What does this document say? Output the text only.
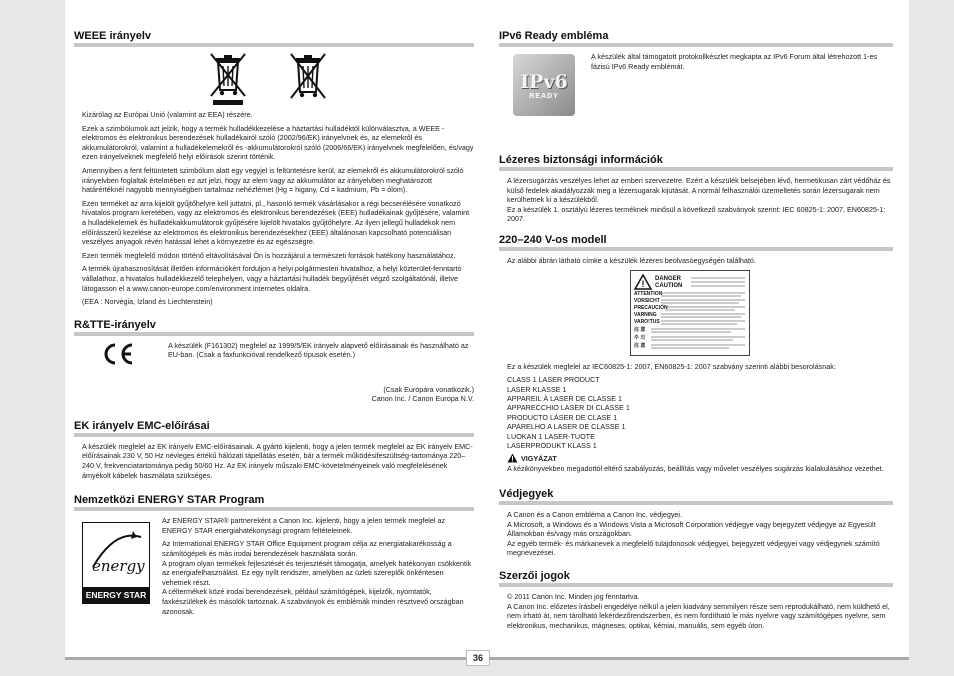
36
WEEE irányelv
Kizárólag az Európai Unió (valamint az EEA) részére.
Ezek a szimbólumok azt jelzik, hogy a termék hulladékkezelése a háztartási hulladéktól különválasztva, a WEEE - elektromos és elektronikus berendezések hulladékairól szóló (2002/96/EK) irányelvnek és, az elemekről és akkumulátorokról, valamint a hulladékelemekről és -akkumulátorokról szóló (2006/66/EK) irányelvnek megfelelően, és/vagy ezen irányelveknek megfelelő helyi előírások szerint történik.
Amennyiben a fent feltüntetett szimbólum alatt egy vegyjel is feltüntetésre kerül, az elemekről és akkumulátorokról szóló irányelvben foglaltak értelmében ez azt jelzi, hogy az elem vagy az akkumulátor az irányelvben meghatározott határértéknél nagyobb mennyiségben tartalmaz nehézfémet (Hg = higany, Cd = kadmium, Pb = ólom).
Ezen terméket az arra kijelölt gyűjtőhelyre kell juttatni, pl., hasonló termék vásárlásakor a régi becserélésére vonatkozó hivatalos program keretében, vagy az elektromos és elektronikus berendezések (EEE) hulladékainak gyűjtésére, valamint a hulladékelemek és hulladékakkumulátorok gyűjtésére kijelölt hivatalos gyűjtőhelyre. Az ilyen jellegű hulladékok nem előírásszerű kezelése az elektromos és elektronikus berendezésekhez (EEE) általánosan kapcsolható potenciálisan veszélyes anyagok révén hatással lehet a környezetre és az egészségre.
Ezen termék megfelelő módon történő eltávolításával Ön is hozzájárul a természeti források hatékony használatához.
A termék újrahasznosítását illetően információkért forduljon a helyi polgármesteri hivatalhoz, a helyi közterület-fenntartó vállalathoz, a hivatalos hulladékkezelő telephelyen, vagy a háztartási hulladék begyűjtését végző szolgáltatónál, illetve látogasson el a www.canon-europe.com/environment internetes oldalra.
(EEA : Norvégia, Izland és Liechtenstein)
R&TTE-irányelv
A készülék (F161302) megfelel az 1999/5/EK irányelv alapvető előírásainak és használható az EU-ban. (Csak a faxfunkcióval rendelkező típusok esetén.)
(Csak Európára vonatkozik.)
Canon Inc. / Canon Europa N.V.
EK irányelv EMC-előírásai
A készülék megfelel az EK irányelv EMC-előírásainak. A gyártó kijelenti, hogy a jelen termék megfelel az EK irányelv EMC-előírásainak 230 V, 50 Hz névleges értékű hálózati tápellátás esetén, bár a termék működésifeszültség-tartománya 220–240 V, frekvenciatartománya pedig 50/60 Hz. Az EK irányelv műszaki EMC-követelményeinek való megfelelésének ámyékolt kábelek használata szükséges.
Nemzetközi ENERGY STAR Program
energy
ENERGY STAR
Az ENERGY STAR® partnereként a Canon Inc. kijelenti, hogy a jelen termék megfelel az ENERGY STAR energiahatékonysági program feltételeinek.
Az International ENERGY STAR Office Equipment program célja az energiatakarékosság a számítógépek és más irodai berendezések használata során.
A program olyan termékek fejlesztését és terjesztését támogatja, amelyek hatékonyan csökkentik az energiafelhasználást. Ez egy nyílt rendszer, amelyben az üzleti szereplők önkéntesen vehetnek részt.
A céltermékek közé irodai berendezések, például számítógépek, kijelzők, nyomtatók, faxkészülékek és másolók tartoznak. A szabványok és emblémák minden résztvevő országban azonosak.
IPv6 Ready embléma
IPv6
READY
A készülék által támogatott protokollkészlet megkapta az IPv6 Forum által létrehozott 1-es fázisú IPv6 Ready emblémát.
Lézeres biztonsági információk
A lézersugárzás veszélyes lehet az emberi szervezetre. Ezért a készülék belsejében lévő, hermetikusan zárt védőház és külső fedelek akadályozzák meg a lézersugarak kijutását. A normál felhasználói üzemeltetés során lézersugarak nem kerülhetnek ki a készülékből.
Ez a készülék 1. osztályú lézeres terméknek minősül a következő szabványok szerint: IEC 60825-1: 2007, EN60825-1: 2007.
220–240 V-os modell
Az alábbi ábrán látható címke a készülék lézeres beolvasóegységén található.
! DANGER
CAUTION
ATTENTION
VORSICHT
PRECAUCIÓN
VARNING
VARO!TUS
注 意
주 의
注 意
Ez a készülék megfelel az IEC60825-1: 2007, EN60825-1: 2007 szabvány szerinti alábbi besorolásnak:
CLASS 1 LASER PRODUCT
LASER KLASSE 1
APPAREIL À LASER DE CLASSE 1
APPARECCHIO LASER DI CLASSE 1
PRODUCTO LÁSER DE CLASE 1
APARELHO A LASER DE CLASSE 1
LUOKAN 1 LASER-TUOTE
LASERPRODUKT KLASS 1
VIGYÁZAT
A kézikönyvekben megadottól eltérő szabályozás, beállítás vagy művelet veszélyes sugárzás kialakulásához vezethet.
Védjegyek
A Canon és a Canon embléma a Canon Inc. védjegyei.
A Microsoft, a Windows és a Windows Vista a Microsoft Corporation védjegye vagy bejegyzett védjegye az Egyesült Államokban és/vagy más országokban.
Az egyéb termék- és márkanevek a megfelelő tulajdonosok védjegyei, bejegyzett védjegyei vagy védjegynek számító megnevezései.
Szerzői jogok
© 2011 Canon Inc. Minden jog fenntartva.
A Canon Inc. előzetes írásbeli engedélye nélkül a jelen kiadvány semmilyen része sem reprodukálható, nem küldhető el, nem írható át, nem tárolható lekérdezőrendszerben, és nem fordítható le más nyelvre vagy számítógépes nyelvre, sem elektronikus, mechanikus, mágneses, optikai, kémiai, manuális, sem egyéb úton.
